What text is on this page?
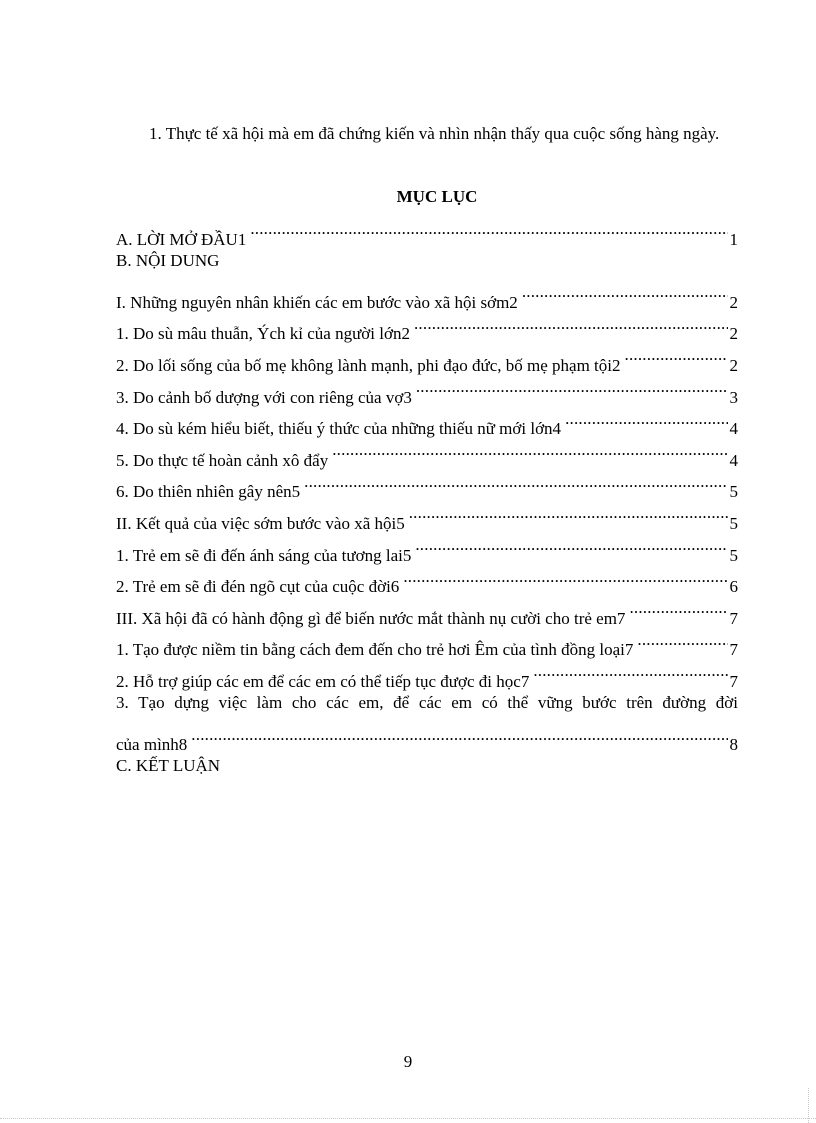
1. Thực tế xã hội mà em đã chứng kiến và nhìn nhận thấy qua cuộc sống hàng ngày.

MỤC LỤC
A. LỜI MỞ ĐẦU1 .....	1
B. NỘI DUNG
I. Những nguyên nhân khiến các em bước vào xã hội sớm2 .....	2
1. Do sù mâu thuẫn, Ých kỉ của người lớn2 .....	2
2. Do lối sống của bố mẹ không lành mạnh, phi đạo đức, bố mẹ phạm tội2 .....	2
3. Do cảnh bố dượng với con riêng của vợ3 .....	3
4. Do sù kém hiểu biết, thiếu ý thức của những thiếu nữ mới lớn4 .....	4
5. Do thực tế hoàn cảnh xô đẩy .....	4
6. Do thiên nhiên gây nên5 .....	5
II. Kết quả của việc sớm bước vào xã hội5 .....	5
1. Trẻ em sẽ đi đến ánh sáng của tương lai5 .....	5
2. Trẻ em sẽ đi đén ngõ cụt của cuộc đời6 .....	6
III. Xã hội đã có hành động gì để biến nước mắt thành nụ cười cho trẻ em7 .....	7
1. Tạo được niềm tin bằng cách đem đến cho trẻ hơi Êm của tình đồng loại7 .....	7
2. Hỗ trợ giúp các em để các em có thể tiếp tục được đi học7 .....	7
3. Tạo dựng việc làm cho các em, để các em có thể vững bước trên đường đời
của mình8 .....	8
C. KẾT LUẬN

9
